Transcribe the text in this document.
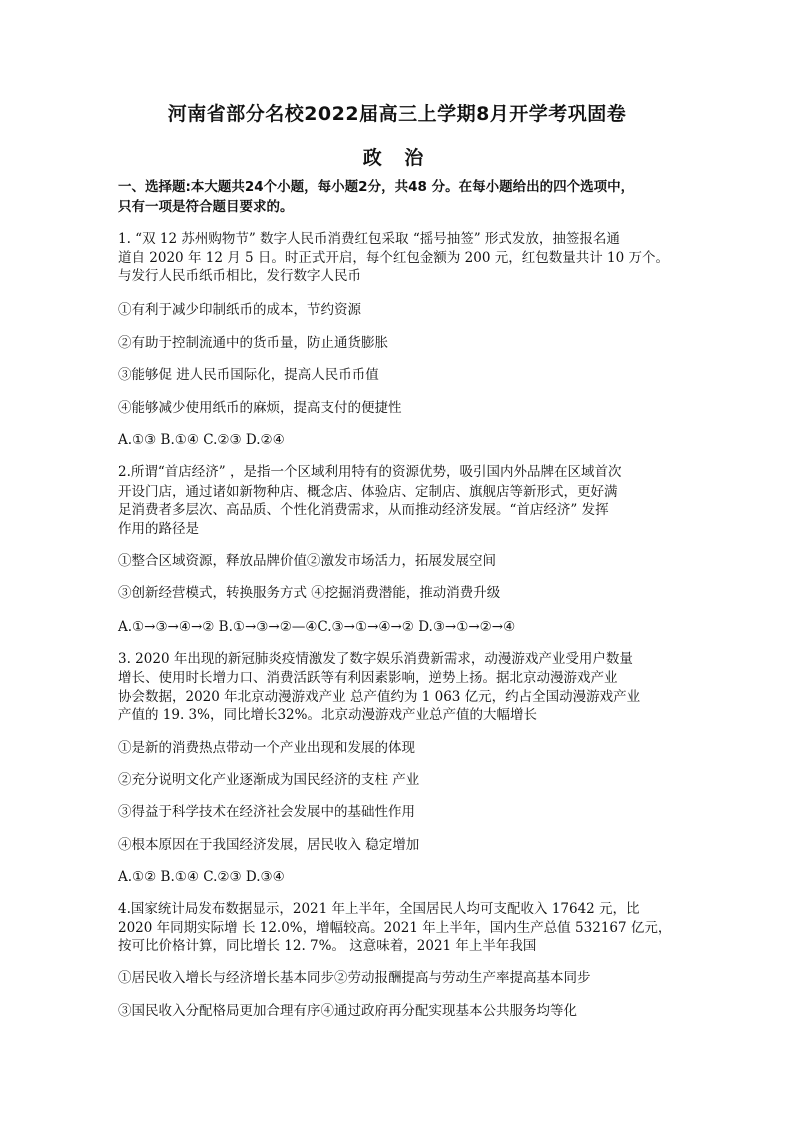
河南省部分名校2022届高三上学期8月开学考巩固卷
政 治
一、选择题:本大题共24个小题，每小题2分，共48 分。在每小题给出的四个选项中，
只有一项是符合题目要求的。
1. “双 12 苏州购物节” 数字人民币消费红包采取 “摇号抽签” 形式发放，抽签报名通
道自 2020 年 12 月 5 日。时正式开启，每个红包金额为 200 元，红包数量共计 10 万个。
与发行人民币纸币相比，发行数字人民币
①有利于减少印制纸币的成本，节约资源
②有助于控制流通中的货币量，防止通货膨胀
③能够促 进人民币国际化，提高人民币币值
④能够减少使用纸币的麻烦，提高支付的便捷性
A.①③ B.①④ C.②③ D.②④
2.所谓“首店经济” ，是指一个区域利用特有的资源优势，吸引国内外品牌在区域首次
开设门店，通过诸如新物种店、概念店、体验店、定制店、旗舰店等新形式，更好满
足消费者多层次、高品质、个性化消费需求，从而推动经济发展。“首店经济” 发挥
作用的路径是
①整合区域资源，释放品牌价值②激发市场活力，拓展发展空间
③创新经营模式，转换服务方式 ④挖掘消费潜能，推动消费升级
A.①→③→④→② B.①→③→②—④C.③→①→④→② D.③→①→②→④
3. 2020 年出现的新冠肺炎疫情激发了数字娱乐消费新需求，动漫游戏产业受用户数量
增长、使用时长增力口、消费活跃等有利因素影响，逆势上扬。据北京动漫游戏产业
协会数据，2020 年北京动漫游戏产业 总产值约为 1 063 亿元，约占全国动漫游戏产业
产值的 19. 3%，同比增长32%。北京动漫游戏产业总产值的大幅增长
①是新的消费热点带动一个产业出现和发展的体现
②充分说明文化产业逐渐成为国民经济的支柱 产业
③得益于科学技术在经济社会发展中的基础性作用
④根本原因在于我国经济发展，居民收入 稳定增加
A.①② B.①④ C.②③ D.③④
4.国家统计局发布数据显示，2021 年上半年，全国居民人均可支配收入 17642 元，比
2020 年同期实际增 长 12.0%，增幅较高。2021 年上半年，国内生产总值 532167 亿元，
按可比价格计算，同比增长 12. 7%。 这意味着，2021 年上半年我国
①居民收入增长与经济增长基本同步②劳动报酬提高与劳动生产率提高基本同步
③国民收入分配格局更加合理有序④通过政府再分配实现基本公共服务均等化
